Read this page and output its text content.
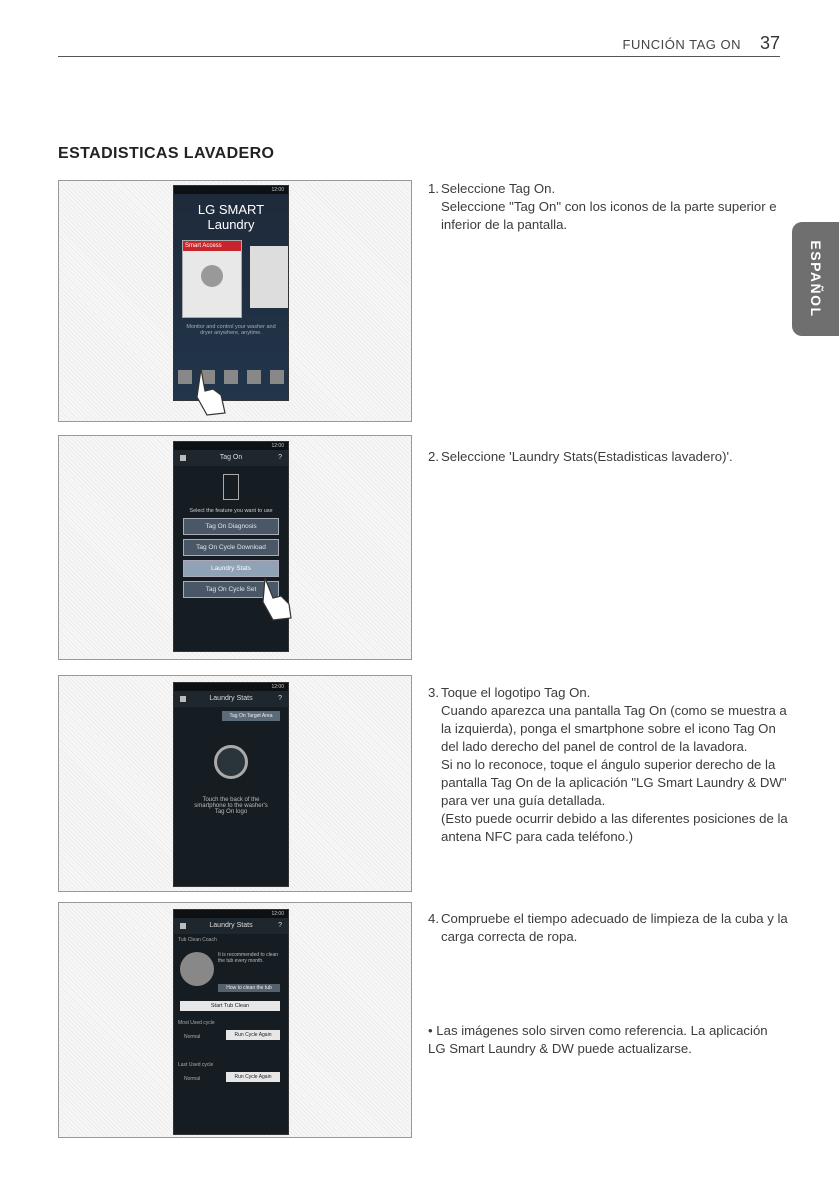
FUNCIÓN TAG ON 37
ESTADISTICAS LAVADERO
ESPAÑOL
12:00
LG SMART
Laundry
Smart Access
Monitor and control your washer and dryer anywhere, anytime.
12:00
Tag On	?
Select the feature you want to use
Tag On Diagnosis
Tag On Cycle Download
Laundry Stats
Tag On Cycle Set
12:00
Laundry Stats	?
Tag On Target Area
Touch the back of the smartphone to the washer's Tag On logo
12:00
Laundry Stats	?
Tub Clean Coach
It is recommended to clean the tub every month.
How to clean the tub
Start Tub Clean
Most Used cycle
Normal	Run Cycle Again
Last Used cycle
Normal	Run Cycle Again
1. Seleccione Tag On.

Seleccione "Tag On" con los iconos de la parte superior e inferior de la pantalla.

2. Seleccione 'Laundry Stats(Estadisticas lavadero)'.

3. Toque el logotipo Tag On.

Cuando aparezca una pantalla Tag On (como se muestra a la izquierda), ponga el smartphone sobre el icono Tag On del lado derecho del panel de control de la lavadora.

Si no lo reconoce, toque el ángulo superior derecho de la pantalla Tag On de la aplicación "LG Smart Laundry & DW" para ver una guía detallada.

(Esto puede ocurrir debido a las diferentes posiciones de la antena NFC para cada teléfono.)

4. Compruebe el tiempo adecuado de limpieza de la cuba y la carga correcta de ropa.

• Las imágenes solo sirven como referencia. La aplicación LG Smart Laundry & DW puede actualizarse.
